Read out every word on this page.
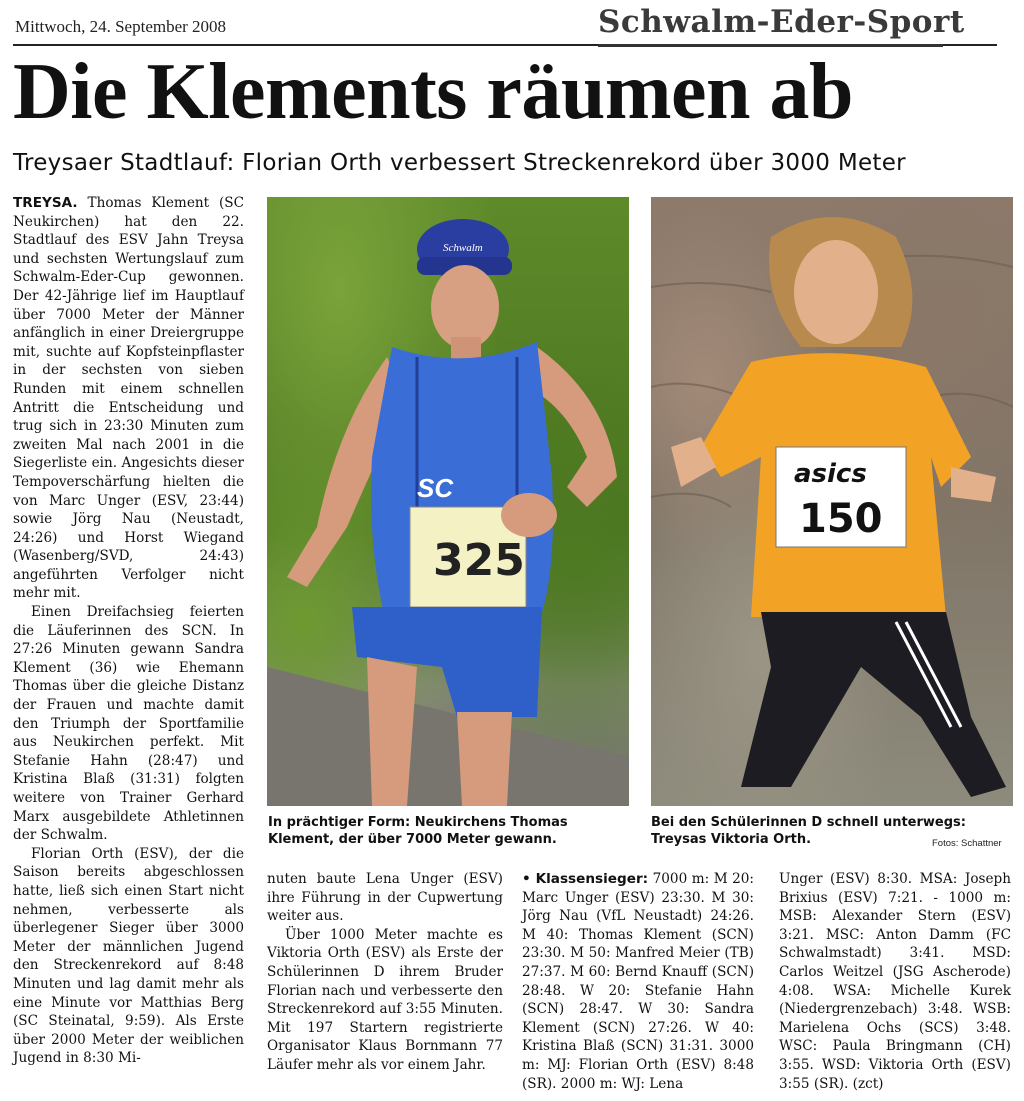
Mittwoch, 24. September 2008	Schwalm-Eder-Sport
Die Klements räumen ab
Treysaer Stadtlauf: Florian Orth verbessert Streckenrekord über 3000 Meter

TREYSA. Thomas Klement (SC Neukirchen) hat den 22. Stadtlauf des ESV Jahn Treysa und sechsten Wertungslauf zum Schwalm-Eder-Cup gewonnen. Der 42-Jährige lief im Hauptlauf über 7000 Meter der Männer anfänglich in einer Dreiergruppe mit, suchte auf Kopfsteinpflaster in der sechsten von sieben Runden mit einem schnellen Antritt die Entscheidung und trug sich in 23:30 Minuten zum zweiten Mal nach 2001 in die Siegerliste ein. Angesichts dieser Tempoverschärfung hielten die von Marc Unger (ESV, 23:44) sowie Jörg Nau (Neustadt, 24:26) und Horst Wiegand (Wasenberg/SVD, 24:43) angeführten Verfolger nicht mehr mit.

Einen Dreifachsieg feierten die Läuferinnen des SCN. In 27:26 Minuten gewann Sandra Klement (36) wie Ehemann Thomas über die gleiche Distanz der Frauen und machte damit den Triumph der Sportfamilie aus Neukirchen perfekt. Mit Stefanie Hahn (28:47) und Kristina Blaß (31:31) folgten weitere von Trainer Gerhard Marx ausgebildete Athletinnen der Schwalm.

Florian Orth (ESV), der die Saison bereits abgeschlossen hatte, ließ sich einen Start nicht nehmen, verbesserte als überlegener Sieger über 3000 Meter der männlichen Jugend den Streckenrekord auf 8:48 Minuten und lag damit mehr als eine Minute vor Matthias Berg (SC Steinatal, 9:59). Als Erste über 2000 Meter der weiblichen Jugend in 8:30 Mi-

nuten baute Lena Unger (ESV) ihre Führung in der Cupwertung weiter aus.

Über 1000 Meter machte es Viktoria Orth (ESV) als Erste der Schülerinnen D ihrem Bruder Florian nach und verbesserte den Streckenrekord auf 3:55 Minuten. Mit 197 Startern registrierte Organisator Klaus Bornmann 77 Läufer mehr als vor einem Jahr.

• Klassensieger: 7000 m: M 20: Marc Unger (ESV) 23:30. M 30: Jörg Nau (VfL Neustadt) 24:26. M 40: Thomas Klement (SCN) 23:30. M 50: Manfred Meier (TB) 27:37. M 60: Bernd Knauff (SCN) 28:48. W 20: Stefanie Hahn (SCN) 28:47. W 30: Sandra Klement (SCN) 27:26. W 40: Kristina Blaß (SCN) 31:31. 3000 m: MJ: Florian Orth (ESV) 8:48 (SR). 2000 m: WJ: Lena

Unger (ESV) 8:30. MSA: Joseph Brixius (ESV) 7:21. - 1000 m: MSB: Alexander Stern (ESV) 3:21. MSC: Anton Damm (FC Schwalmstadt) 3:41. MSD: Carlos Weitzel (JSG Ascherode) 4:08. WSA: Michelle Kurek (Niedergrenzebach) 3:48. WSB: Marielena Ochs (SCS) 3:48. WSC: Paula Bringmann (CH) 3:55. WSD: Viktoria Orth (ESV) 3:55 (SR). (zct)

Schwalm
SC
325
asics
150
In prächtiger Form: Neukirchens Thomas Klement, der über 7000 Meter gewann.
Bei den Schülerinnen D schnell unterwegs: Treysas Viktoria Orth.	Fotos: Schattner
